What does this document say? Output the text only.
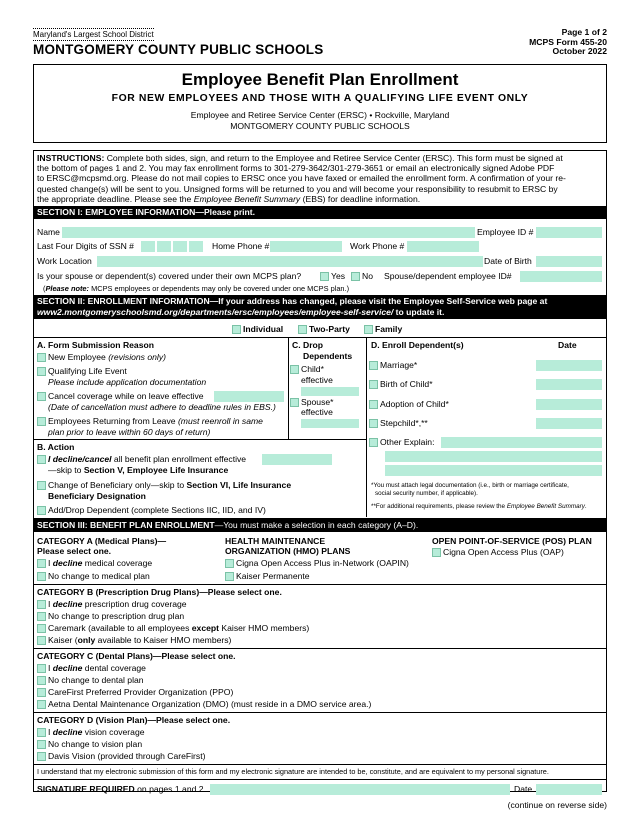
Maryland's Largest School District
MONTGOMERY COUNTY PUBLIC SCHOOLS
Page 1 of 2
MCPS Form 455-20
October 2022
Employee Benefit Plan Enrollment
FOR NEW EMPLOYEES AND THOSE WITH A QUALIFYING LIFE EVENT ONLY
Employee and Retiree Service Center (ERSC) • Rockville, Maryland
MONTGOMERY COUNTY PUBLIC SCHOOLS
INSTRUCTIONS: Complete both sides, sign, and return to the Employee and Retiree Service Center (ERSC). This form must be signed at
the bottom of pages 1 and 2. You may fax enrollment forms to 301-279-3642/301-279-3651 or email an electronically signed Adobe PDF
to ERSC@mcpsmd.org. Please do not mail copies to ERSC once you have faxed or emailed the enrollment form. A confirmation of your re-
quested change(s) will be sent to you. Unsigned forms will be returned to you and will become your responsibility to resubmit to ERSC by
the appropriate deadline. Please see the Employee Benefit Summary (EBS) for deadline information.
SECTION I: EMPLOYEE INFORMATION—Please print.
Name	Employee ID #
Last Four Digits of SSN #	Home Phone #	Work Phone #
Work Location	Date of Birth
Is your spouse or dependent(s) covered under their own MCPS plan?	Yes	No Spouse/dependent employee ID#
(Please note: MCPS employees or dependents may only be covered under one MCPS plan.)
SECTION II: ENROLLMENT INFORMATION—If your address has changed, please visit the Employee Self-Service web page at
www2.montgomeryschoolsmd.org/departments/ersc/employees/employee-self-service/ to update it.
Individual	Two-Party	Family
A. Form Submission Reason
New Employee (revisions only)
Qualifying Life Event
Please include application documentation
Cancel coverage while on leave effective
(Date of cancellation must adhere to deadline rules in EBS.)
Employees Returning from Leave (must reenroll in same
plan prior to leave within 60 days of return)
C. Drop
Dependents
Child*
effective
Spouse*
effective
D. Enroll Dependent(s)	Date
Marriage*
Birth of Child*
Adoption of Child*
Stepchild*,**
Other Explain:
*You must attach legal documentation (i.e., birth or marriage certificate,
social security number, if applicable).
**For additional requirements, please review the Employee Benefit Summary.
B. Action
I decline/cancel all benefit plan enrollment effective
—skip to Section V, Employee Life Insurance
Change of Beneficiary only—skip to Section VI, Life Insurance
Beneficiary Designation
Add/Drop Dependent (complete Sections IIC, IID, and IV)
SECTION III: BENEFIT PLAN ENROLLMENT—You must make a selection in each category (A–D).
CATEGORY A (Medical Plans)—
Please select one.
I decline medical coverage
No change to medical plan
HEALTH MAINTENANCE
ORGANIZATION (HMO) PLANS
Cigna Open Access Plus in-Network (OAPIN)
Kaiser Permanente
OPEN POINT-OF-SERVICE (POS) PLAN
Cigna Open Access Plus (OAP)
CATEGORY B (Prescription Drug Plans)—Please select one.
I decline prescription drug coverage
No change to prescription drug plan
Caremark (available to all employees except Kaiser HMO members)
Kaiser (only available to Kaiser HMO members)
CATEGORY C (Dental Plans)—Please select one.
I decline dental coverage
No change to dental plan
CareFirst Preferred Provider Organization (PPO)
Aetna Dental Maintenance Organization (DMO) (must reside in a DMO service area.)
CATEGORY D (Vision Plan)—Please select one.
I decline vision coverage
No change to vision plan
Davis Vision (provided through CareFirst)
I understand that my electronic submission of this form and my electronic signature are intended to be, constitute, and are equivalent to my personal signature.
SIGNATURE REQUIRED on pages 1 and 2	Date
(continue on reverse side)
